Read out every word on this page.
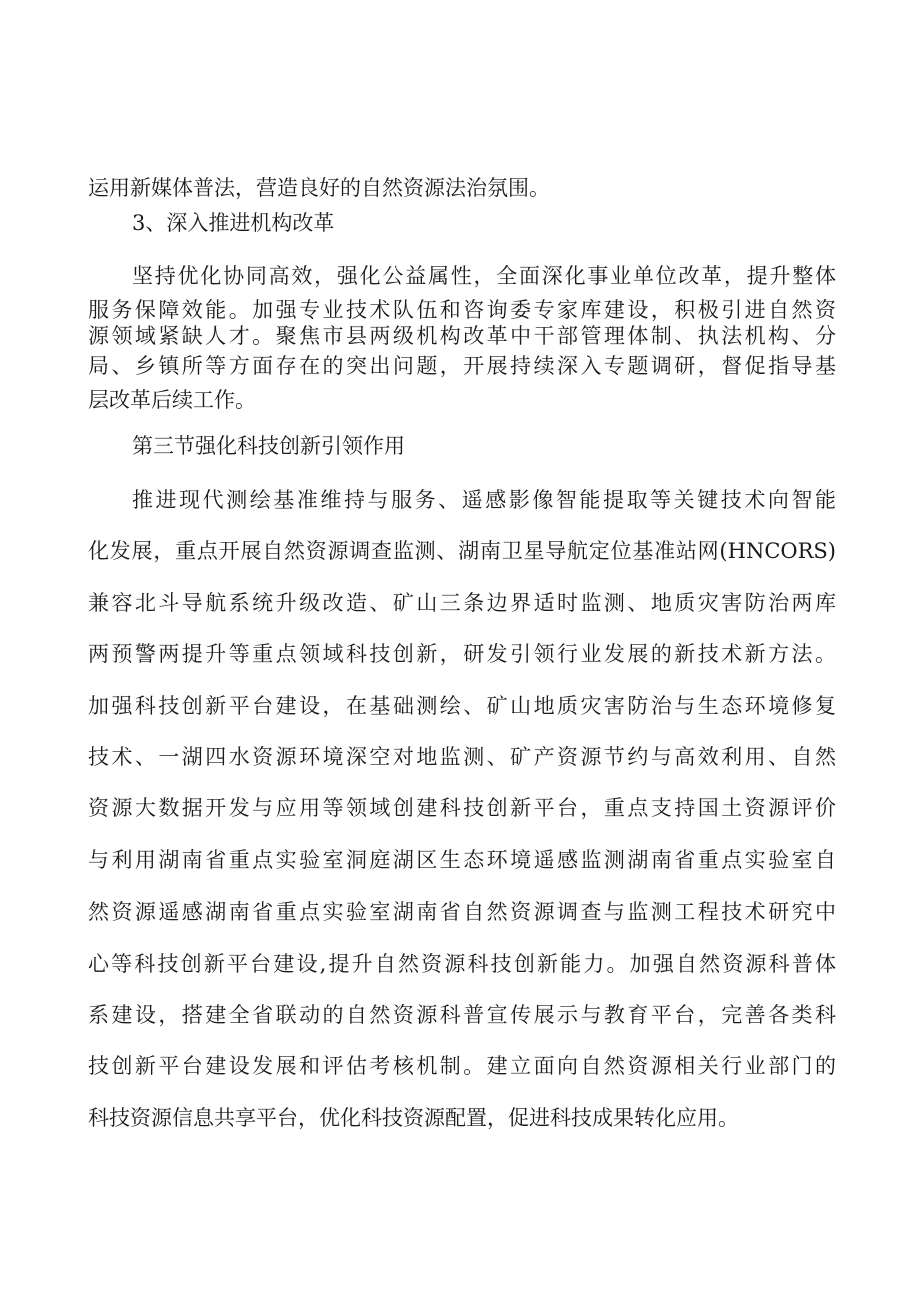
运用新媒体普法，营造良好的自然资源法治氛围。
3、深入推进机构改革
坚持优化协同高效，强化公益属性，全面深化事业单位改革，提升整体
服务保障效能。加强专业技术队伍和咨询委专家库建设，积极引进自然资
源领域紧缺人才。聚焦市县两级机构改革中干部管理体制、执法机构、分
局、乡镇所等方面存在的突出问题，开展持续深入专题调研，督促指导基
层改革后续工作。
第三节强化科技创新引领作用
推进现代测绘基准维持与服务、遥感影像智能提取等关键技术向智能
化发展，重点开展自然资源调查监测、湖南卫星导航定位基准站网(HNCORS)
兼容北斗导航系统升级改造、矿山三条边界适时监测、地质灾害防治两库
两预警两提升等重点领域科技创新，研发引领行业发展的新技术新方法。
加强科技创新平台建设，在基础测绘、矿山地质灾害防治与生态环境修复
技术、一湖四水资源环境深空对地监测、矿产资源节约与高效利用、自然
资源大数据开发与应用等领域创建科技创新平台，重点支持国土资源评价
与利用湖南省重点实验室洞庭湖区生态环境遥感监测湖南省重点实验室自
然资源遥感湖南省重点实验室湖南省自然资源调查与监测工程技术研究中
心等科技创新平台建设,提升自然资源科技创新能力。加强自然资源科普体
系建设，搭建全省联动的自然资源科普宣传展示与教育平台，完善各类科
技创新平台建设发展和评估考核机制。建立面向自然资源相关行业部门的
科技资源信息共享平台，优化科技资源配置，促进科技成果转化应用。
